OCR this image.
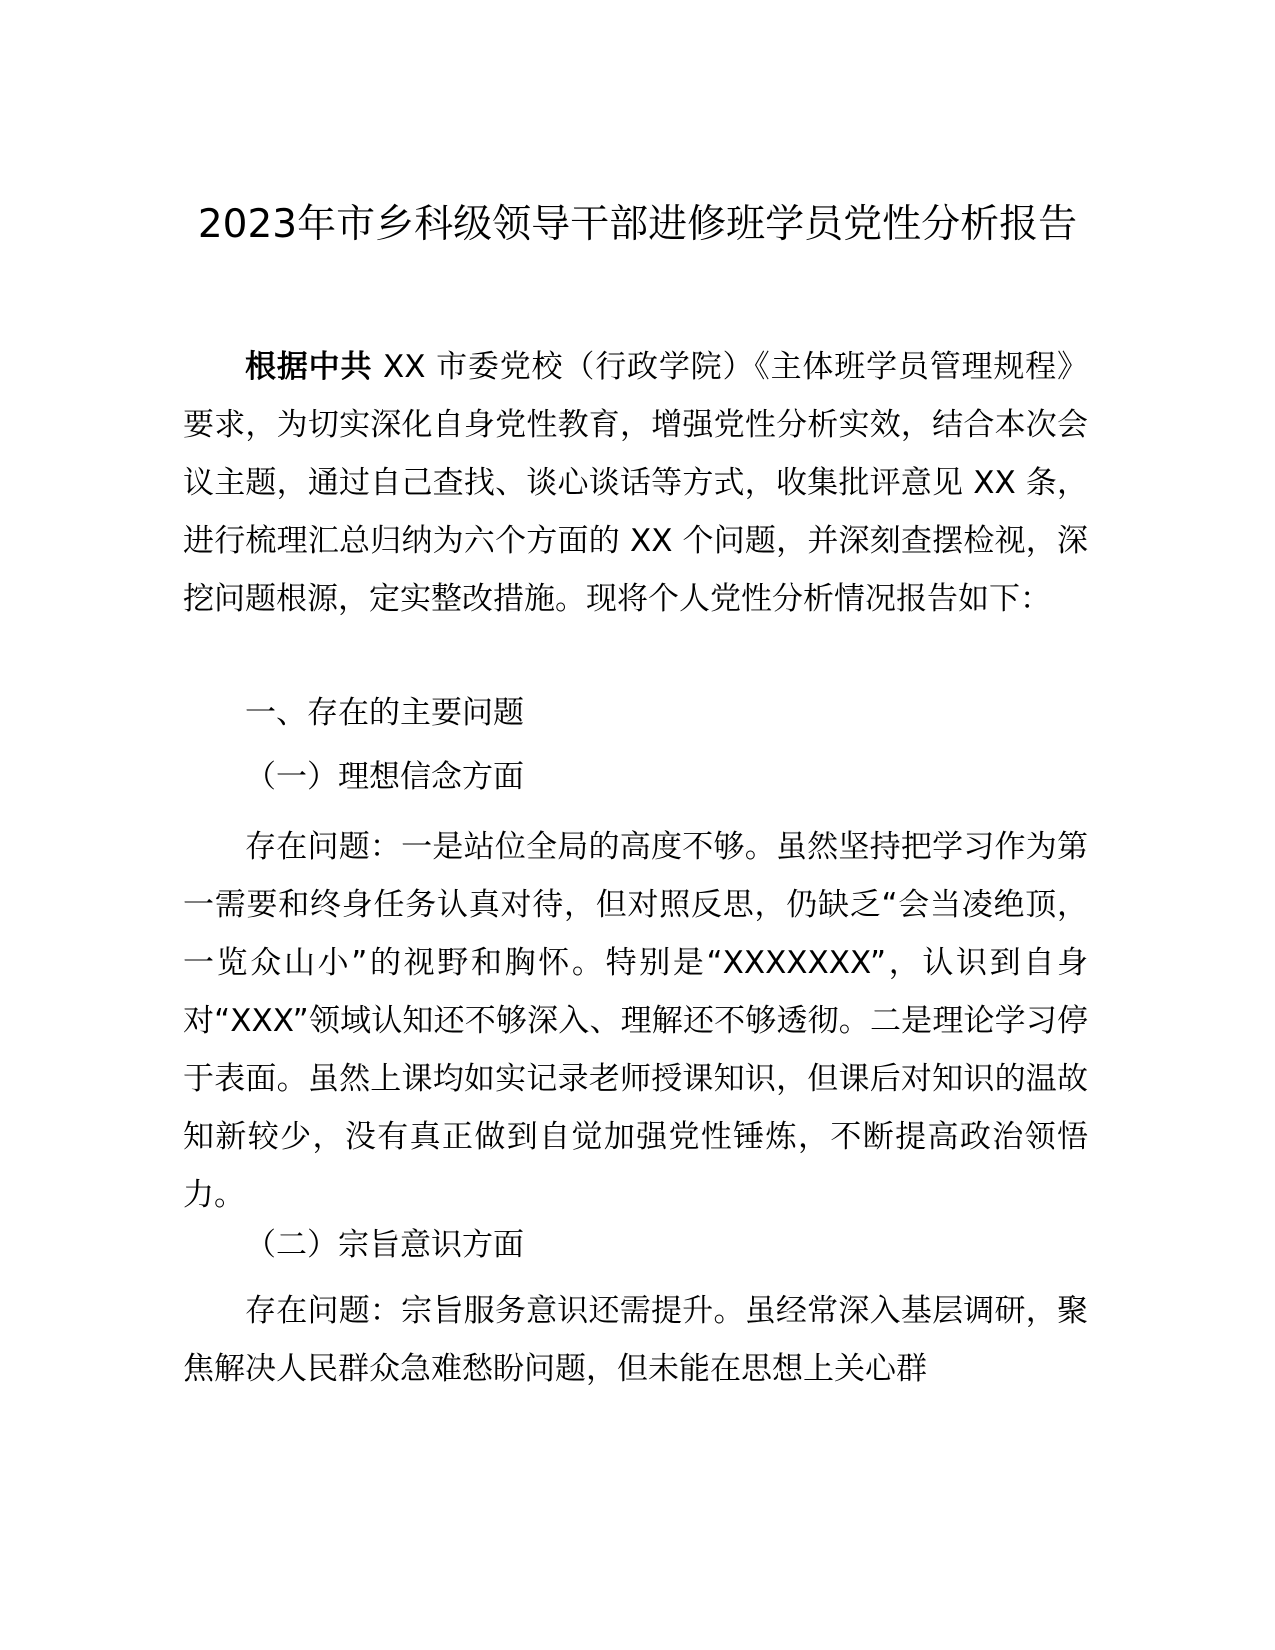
2023年市乡科级领导干部进修班学员党性分析报告

根据中共 XX 市委党校（行政学院）《主体班学员管理规程》要求，为切实深化自身党性教育，增强党性分析实效，结合本次会议主题，通过自己查找、谈心谈话等方式，收集批评意见 XX 条，进行梳理汇总归纳为六个方面的 XX 个问题，并深刻查摆检视，深挖问题根源，定实整改措施。现将个人党性分析情况报告如下：

一、存在的主要问题

（一）理想信念方面

存在问题：一是站位全局的高度不够。虽然坚持把学习作为第一需要和终身任务认真对待，但对照反思，仍缺乏“会当凌绝顶，一览众山小”的视野和胸怀。特别是“XXXXXXX”，认识到自身对“XXX”领域认知还不够深入、理解还不够透彻。二是理论学习停于表面。虽然上课均如实记录老师授课知识，但课后对知识的温故知新较少，没有真正做到自觉加强党性锤炼，不断提高政治领悟力。

（二）宗旨意识方面

存在问题：宗旨服务意识还需提升。虽经常深入基层调研，聚焦解决人民群众急难愁盼问题，但未能在思想上关心群
